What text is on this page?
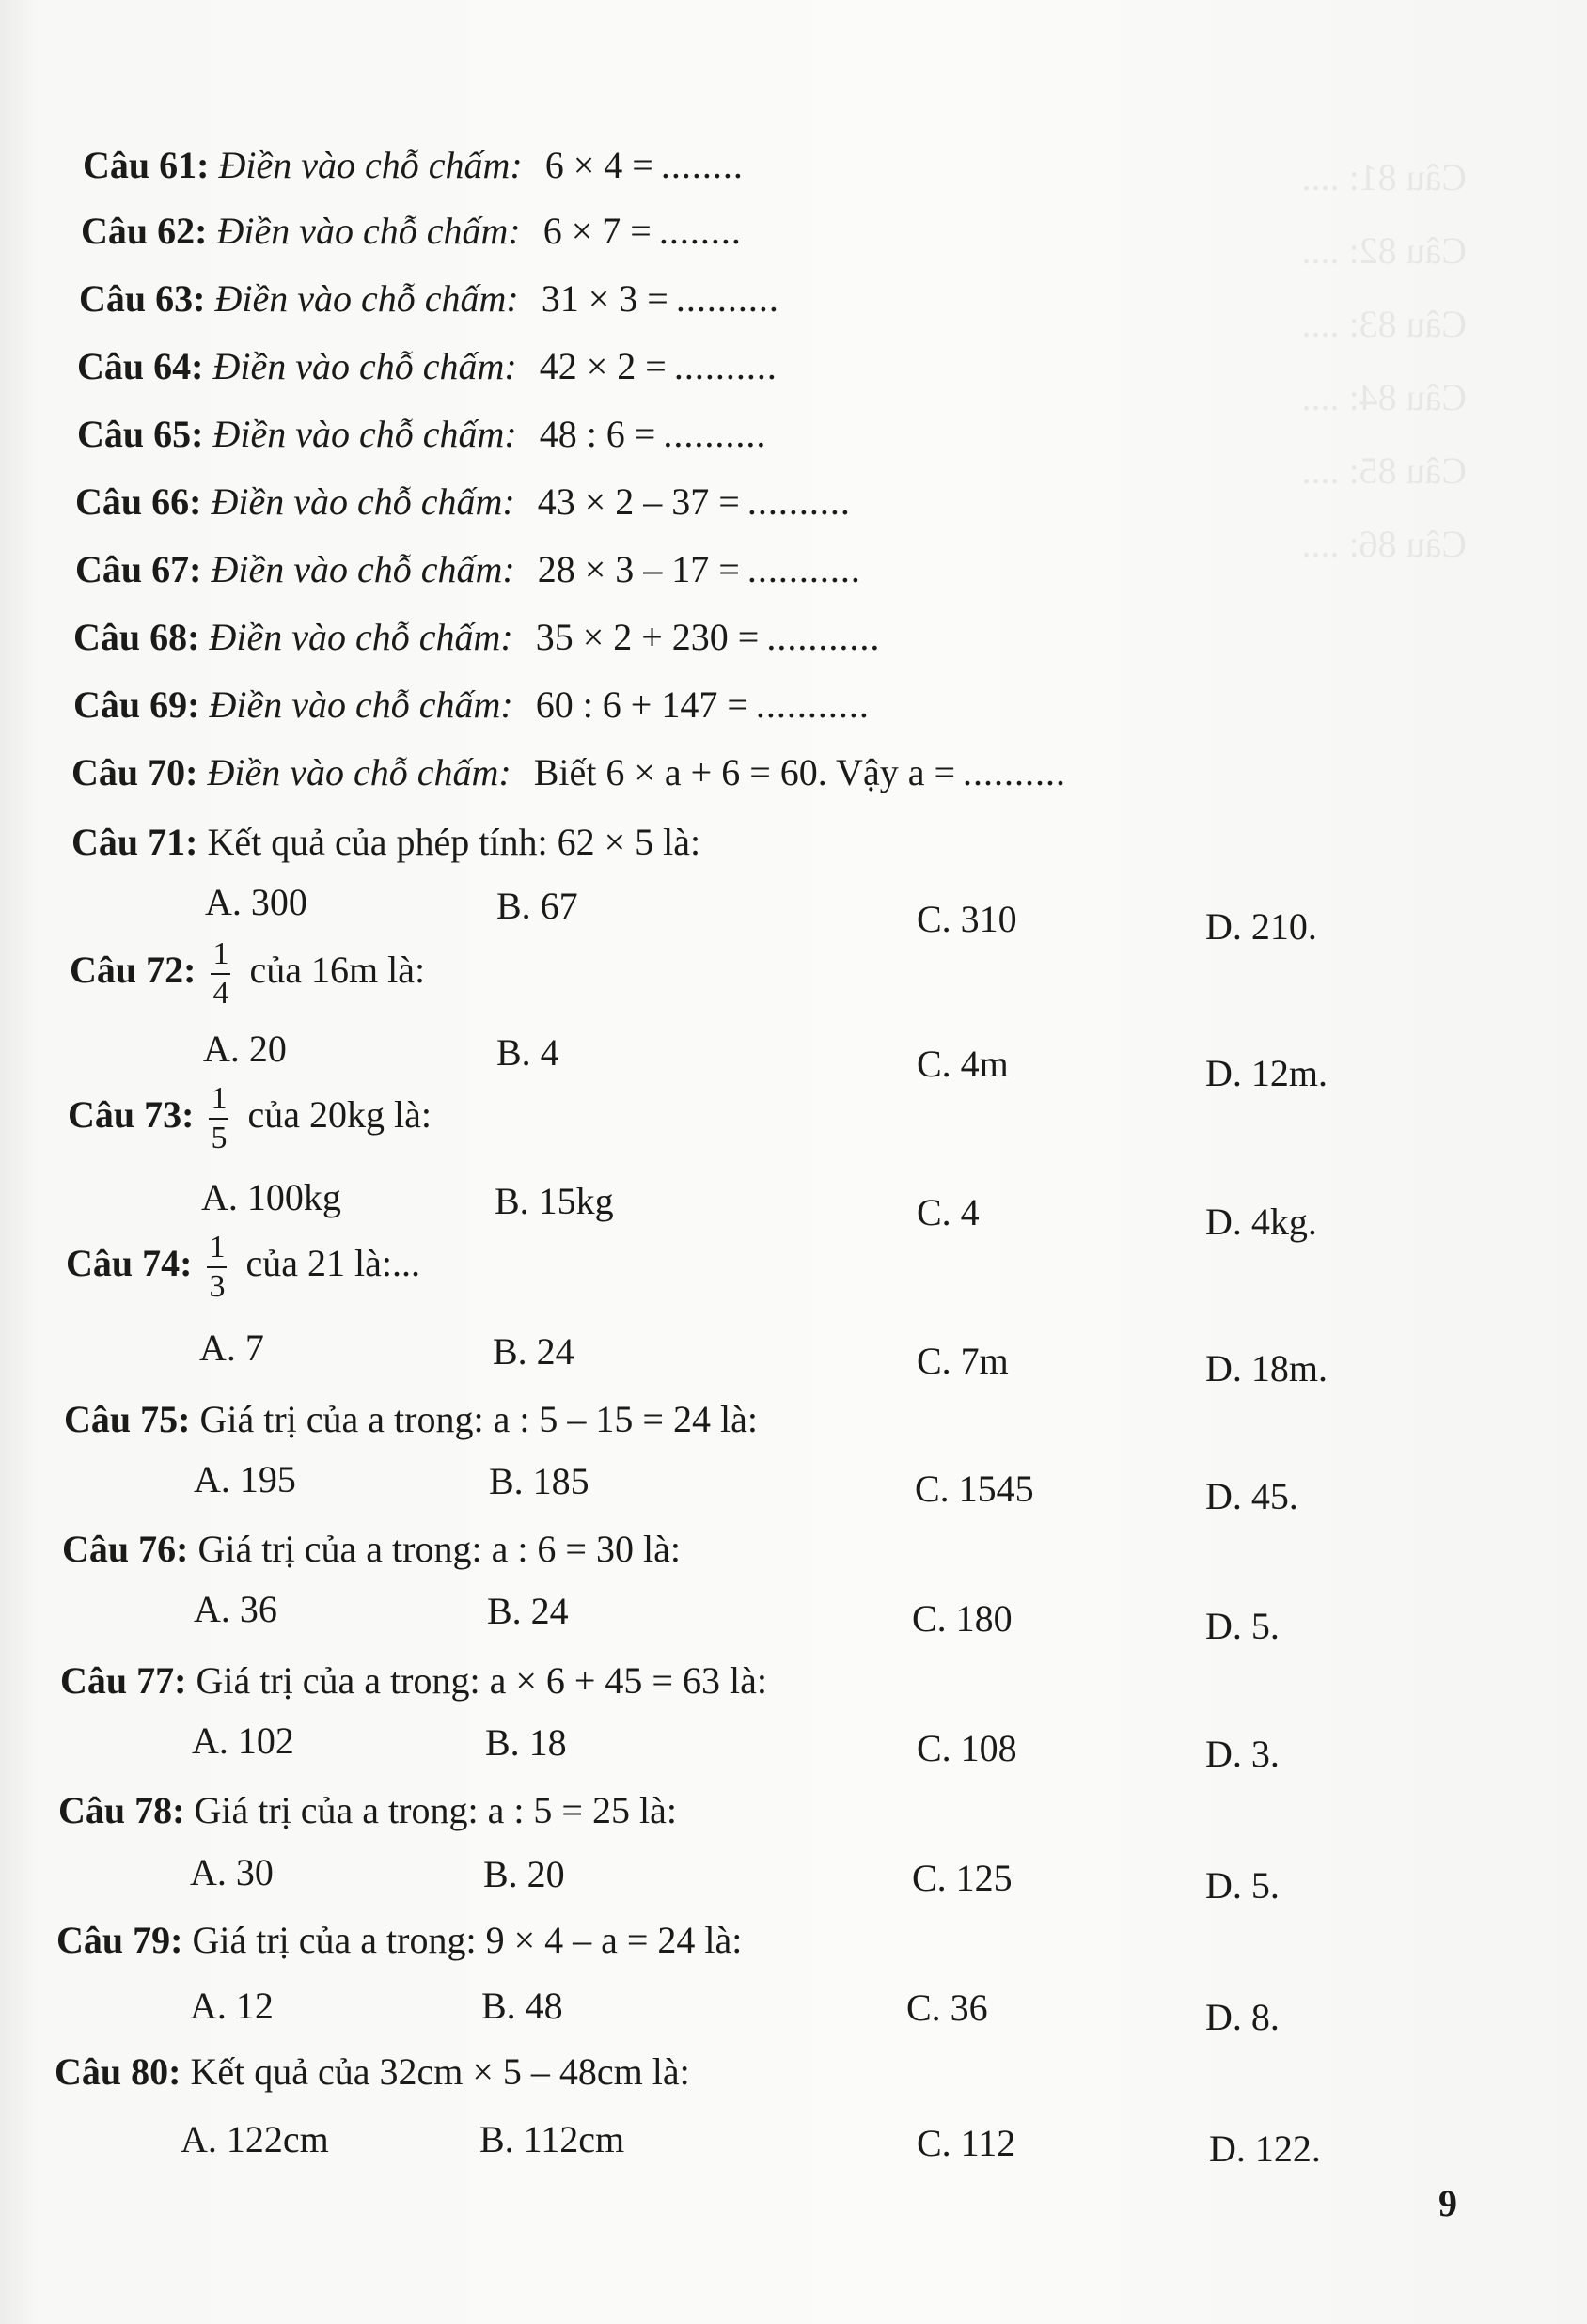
Câu 81: ....
Câu 82: ....
Câu 83: ....
Câu 84: ....
Câu 85: ....
Câu 86: ....
Câu 61: Điền vào chỗ chấm: 6 × 4 = ........
Câu 62: Điền vào chỗ chấm: 6 × 7 = ........
Câu 63: Điền vào chỗ chấm: 31 × 3 = ..........
Câu 64: Điền vào chỗ chấm: 42 × 2 = ..........
Câu 65: Điền vào chỗ chấm: 48 : 6 = ..........
Câu 66: Điền vào chỗ chấm: 43 × 2 – 37 = ..........
Câu 67: Điền vào chỗ chấm: 28 × 3 – 17 = ...........
Câu 68: Điền vào chỗ chấm: 35 × 2 + 230 = ...........
Câu 69: Điền vào chỗ chấm: 60 : 6 + 147 = ...........
Câu 70: Điền vào chỗ chấm: Biết 6 × a + 6 = 60. Vậy a = ..........
Câu 71: Kết quả của phép tính: 62 × 5 là:
A. 300	B. 67	C. 310	D. 210.
Câu 72: $\frac{1}{4}$ của 16m là:
A. 20	B. 4	C. 4m	D. 12m.
Câu 73: $\frac{1}{5}$ của 20kg là:
A. 100kg	B. 15kg	C. 4	D. 4kg.
Câu 74: $\frac{1}{3}$ của 21 là:...
A. 7	B. 24	C. 7m	D. 18m.
Câu 75: Giá trị của a trong: a : 5 – 15 = 24 là:
A. 195	B. 185	C. 1545	D. 45.
Câu 76: Giá trị của a trong: a : 6 = 30 là:
A. 36	B. 24	C. 180	D. 5.
Câu 77: Giá trị của a trong: a × 6 + 45 = 63 là:
A. 102	B. 18	C. 108	D. 3.
Câu 78: Giá trị của a trong: a : 5 = 25 là:
A. 30	B. 20	C. 125	D. 5.
Câu 79: Giá trị của a trong: 9 × 4 – a = 24 là:
A. 12	B. 48	C. 36	D. 8.
Câu 80: Kết quả của 32cm × 5 – 48cm là:
A. 122cm	B. 112cm	C. 112	D. 122.
9
